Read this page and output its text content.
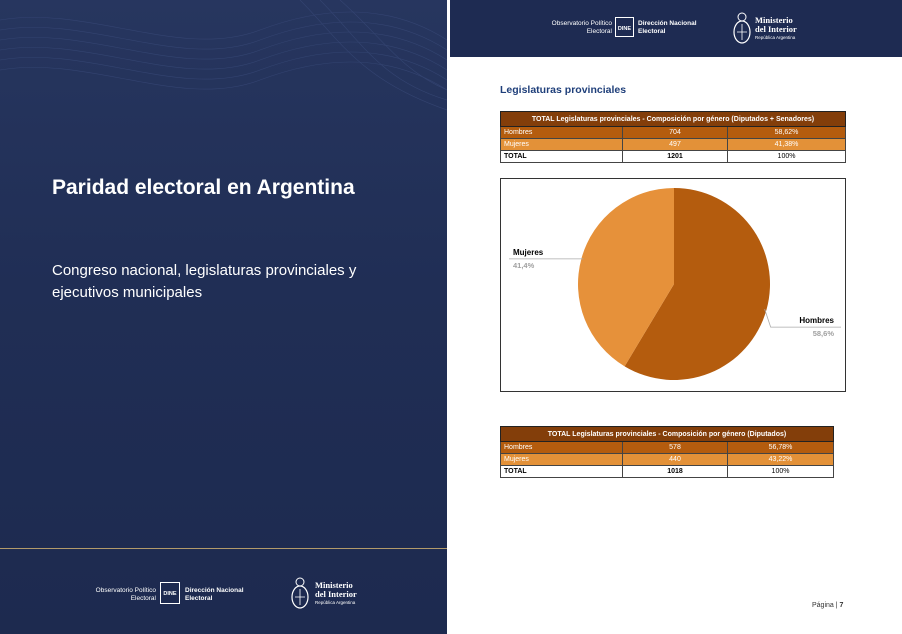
Paridad electoral en Argentina
Congreso nacional, legislaturas provinciales y ejecutivos municipales
Observatorio Político
Electoral
DINE	Dirección Nacional
Electoral
Ministerio
del Interior
República Argentina
Observatorio Político
Electoral	DINE
Dirección Nacional
Electoral
Ministerio
del Interior
República Argentina
Legislaturas provinciales
TOTAL Legislaturas provinciales - Composición por género (Diputados + Senadores)		
Hombres	704	58,62%
Mujeres	497	41,38%
TOTAL	1201	100%
Hombres
58,6%
Mujeres
41,4%
TOTAL Legislaturas provinciales - Composición por género (Diputados)		
Hombres	578	56,78%
Mujeres	440	43,22%
TOTAL	1018	100%
Página | 7
